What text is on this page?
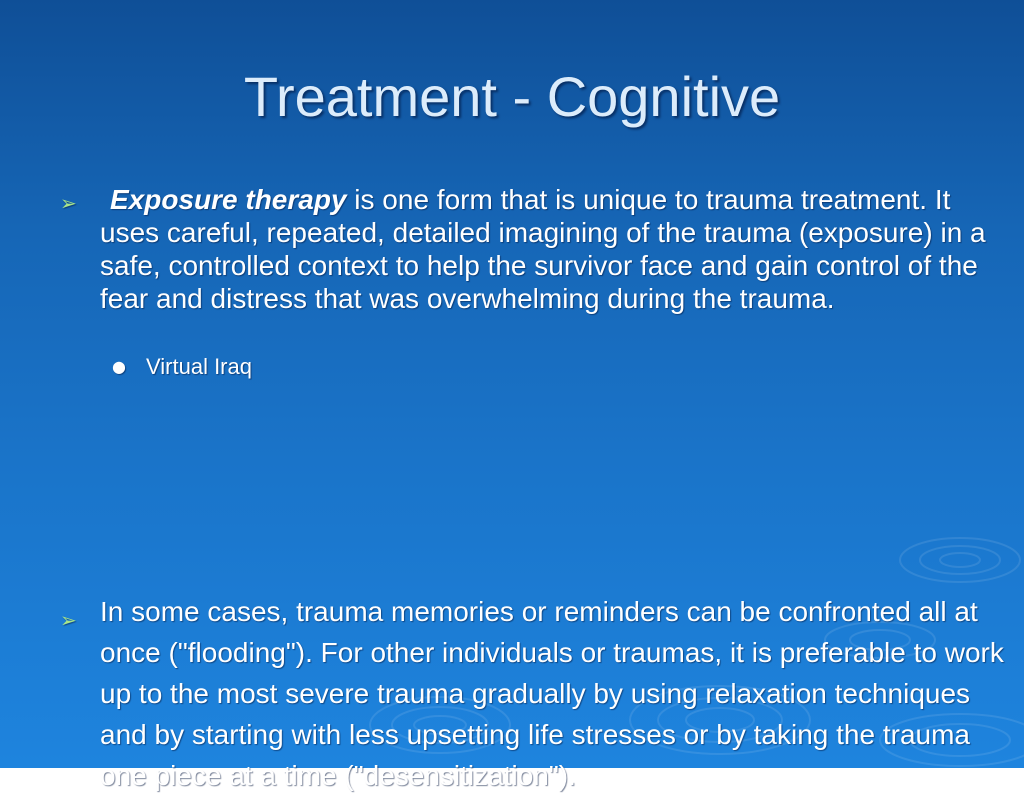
Treatment - Cognitive
➢ Exposure therapy is one form that is unique to trauma treatment. It uses careful, repeated, detailed imagining of the trauma (exposure) in a safe, controlled context to help the survivor face and gain control of the fear and distress that was overwhelming during the trauma.
● Virtual Iraq
➢ In some cases, trauma memories or reminders can be confronted all at once ("flooding"). For other individuals or traumas, it is preferable to work up to the most severe trauma gradually by using relaxation techniques and by starting with less upsetting life stresses or by taking the trauma one piece at a time ("desensitization").
